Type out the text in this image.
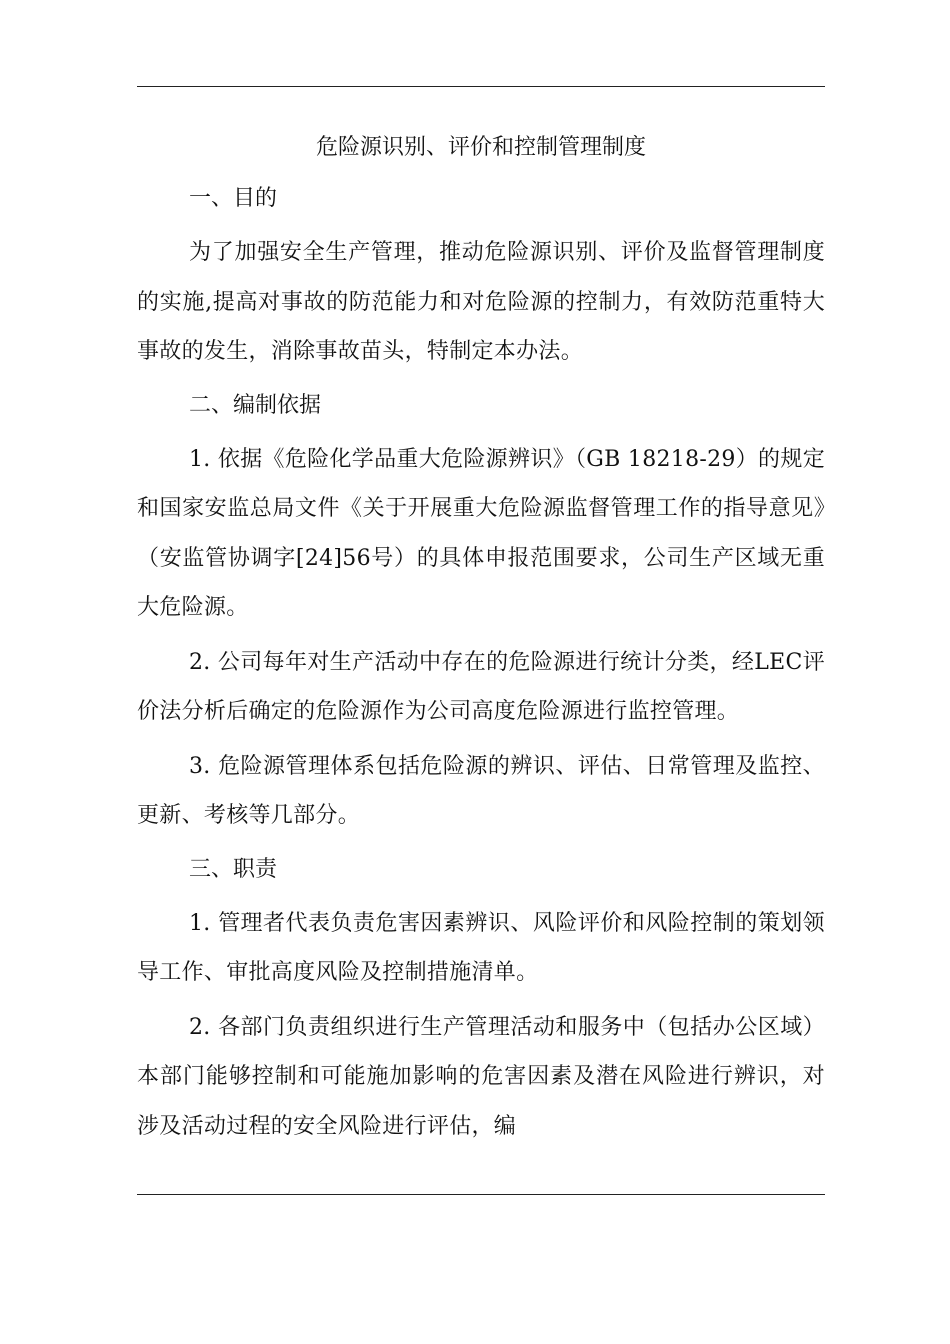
危险源识别、评价和控制管理制度
一、目的

为了加强安全生产管理，推动危险源识别、评价及监督管理制度的实施,提高对事故的防范能力和对危险源的控制力，有效防范重特大事故的发生，消除事故苗头，特制定本办法。

二、编制依据

1. 依据《危险化学品重大危险源辨识》（GB 18218-29）的规定和国家安监总局文件《关于开展重大危险源监督管理工作的指导意见》（安监管协调字[24]56号）的具体申报范围要求，公司生产区域无重大危险源。

2. 公司每年对生产活动中存在的危险源进行统计分类，经LEC评价法分析后确定的危险源作为公司高度危险源进行监控管理。

3. 危险源管理体系包括危险源的辨识、评估、日常管理及监控、更新、考核等几部分。

三、职责

1. 管理者代表负责危害因素辨识、风险评价和风险控制的策划领导工作、审批高度风险及控制措施清单。

2. 各部门负责组织进行生产管理活动和服务中（包括办公区域）本部门能够控制和可能施加影响的危害因素及潜在风险进行辨识，对涉及活动过程的安全风险进行评估，编
